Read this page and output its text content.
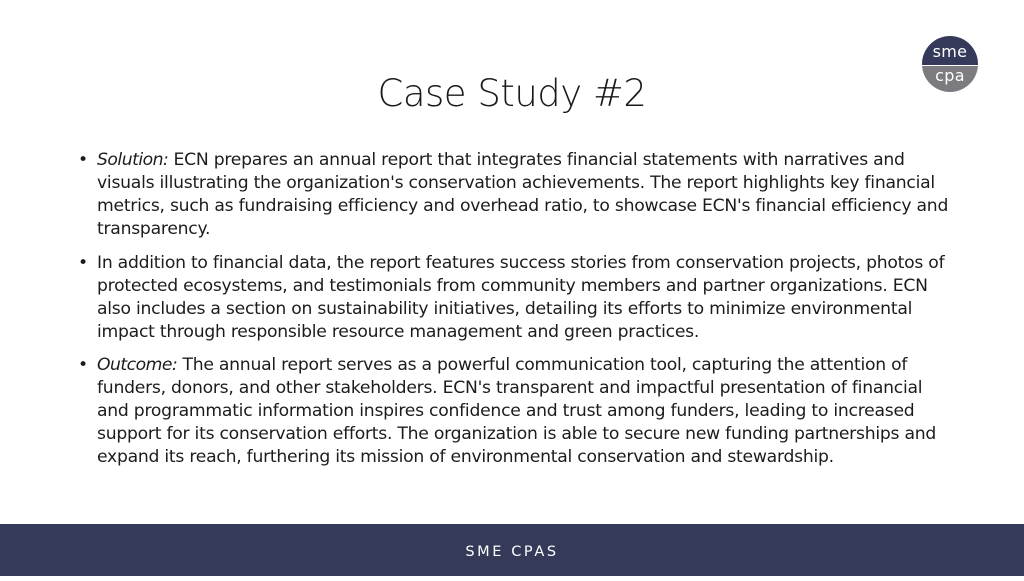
Case Study #2
sme
cpa
• Solution: ECN prepares an annual report that integrates financial statements with narratives and visuals illustrating the organization's conservation achievements. The report highlights key financial metrics, such as fundraising efficiency and overhead ratio, to showcase ECN's financial efficiency and transparency.
• In addition to financial data, the report features success stories from conservation projects, photos of protected ecosystems, and testimonials from community members and partner organizations. ECN also includes a section on sustainability initiatives, detailing its efforts to minimize environmental impact through responsible resource management and green practices.
• Outcome: The annual report serves as a powerful communication tool, capturing the attention of funders, donors, and other stakeholders. ECN's transparent and impactful presentation of financial and programmatic information inspires confidence and trust among funders, leading to increased support for its conservation efforts. The organization is able to secure new funding partnerships and expand its reach, furthering its mission of environmental conservation and stewardship.
SME CPAS
